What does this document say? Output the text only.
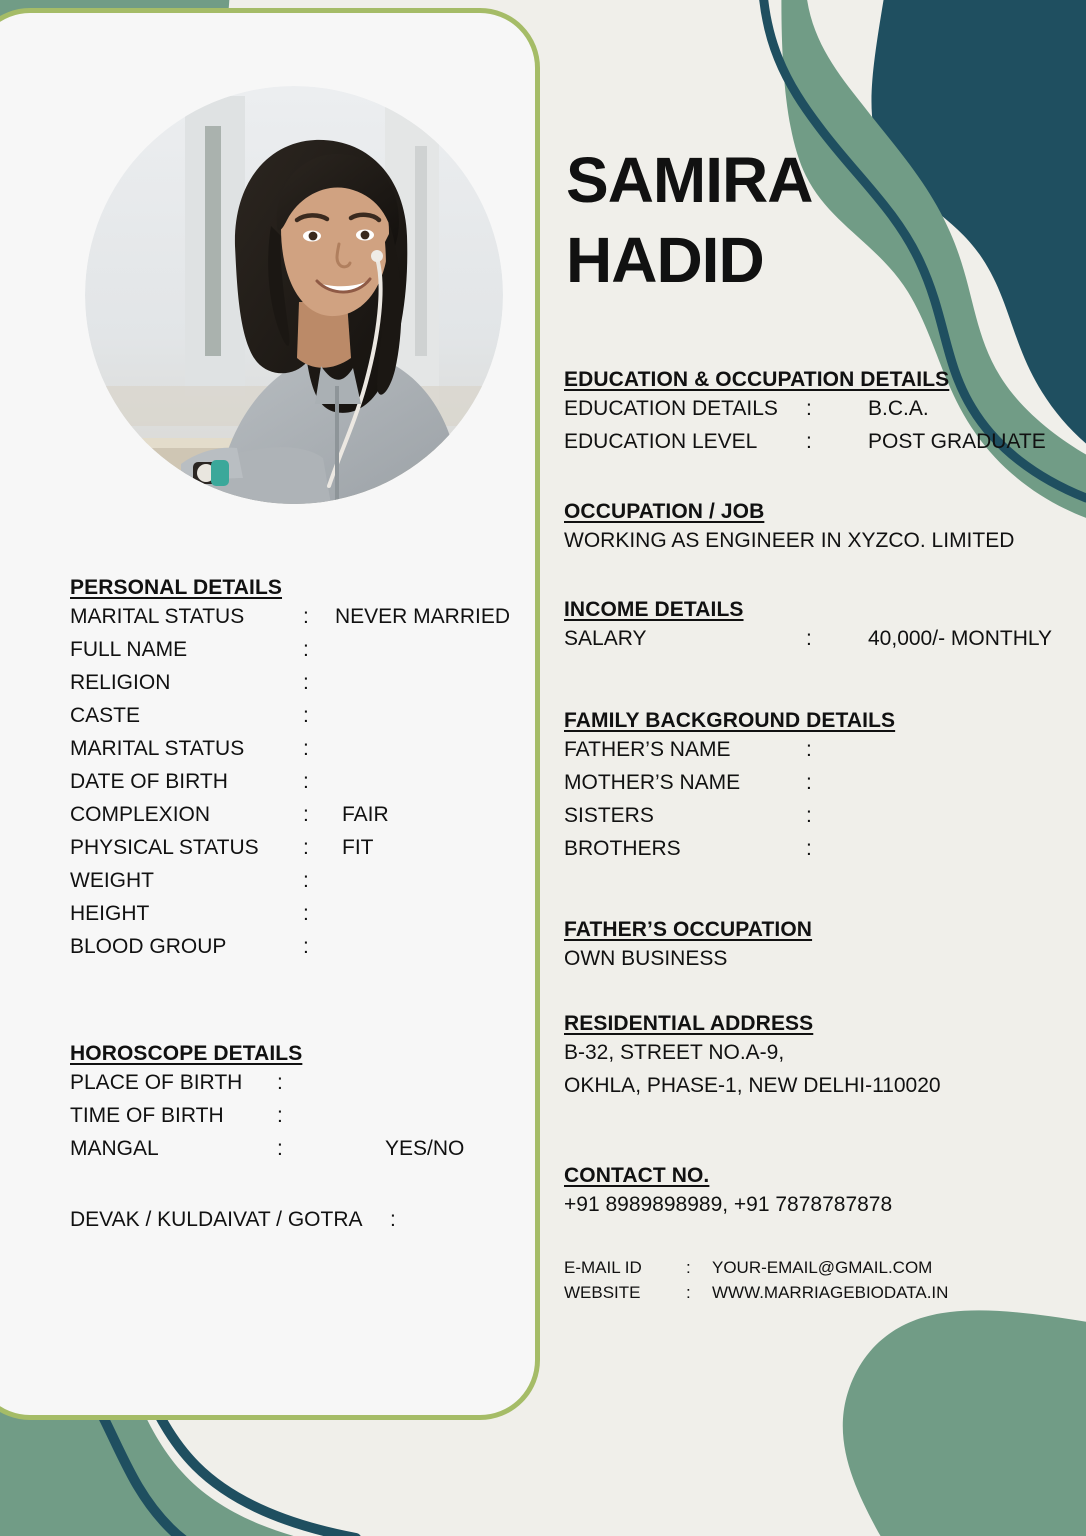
SAMIRA
HADID
PERSONAL DETAILS
MARITAL STATUS	: NEVER MARRIED
FULL NAME	:
RELIGION	:
CASTE	:
MARITAL STATUS	:
DATE OF BIRTH	:
COMPLEXION	: FAIR
PHYSICAL STATUS : FIT
WEIGHT	:
HEIGHT	:
BLOOD GROUP	:
HOROSCOPE DETAILS
PLACE OF BIRTH :
TIME OF BIRTH	:
MANGAL	:	YES/NO
DEVAK / KULDAIVAT / GOTRA :
EDUCATION & OCCUPATION DETAILS
EDUCATION DETAILS :	B.C.A.
EDUCATION LEVEL :	POST GRADUATE
OCCUPATION / JOB
WORKING AS ENGINEER IN XYZCO. LIMITED
INCOME DETAILS
SALARY	:	40,000/- MONTHLY
FAMILY BACKGROUND DETAILS
FATHER’S NAME	:
MOTHER’S NAME	:
SISTERS	:
BROTHERS	:
FATHER’S OCCUPATION
OWN BUSINESS
RESIDENTIAL ADDRESS
B-32, STREET NO.A-9,
OKHLA, PHASE-1, NEW DELHI-110020
CONTACT NO.
+91 8989898989, +91 7878787878
E-MAIL ID	: YOUR-EMAIL@GMAIL.COM
WEBSITE	: WWW.MARRIAGEBIODATA.IN
